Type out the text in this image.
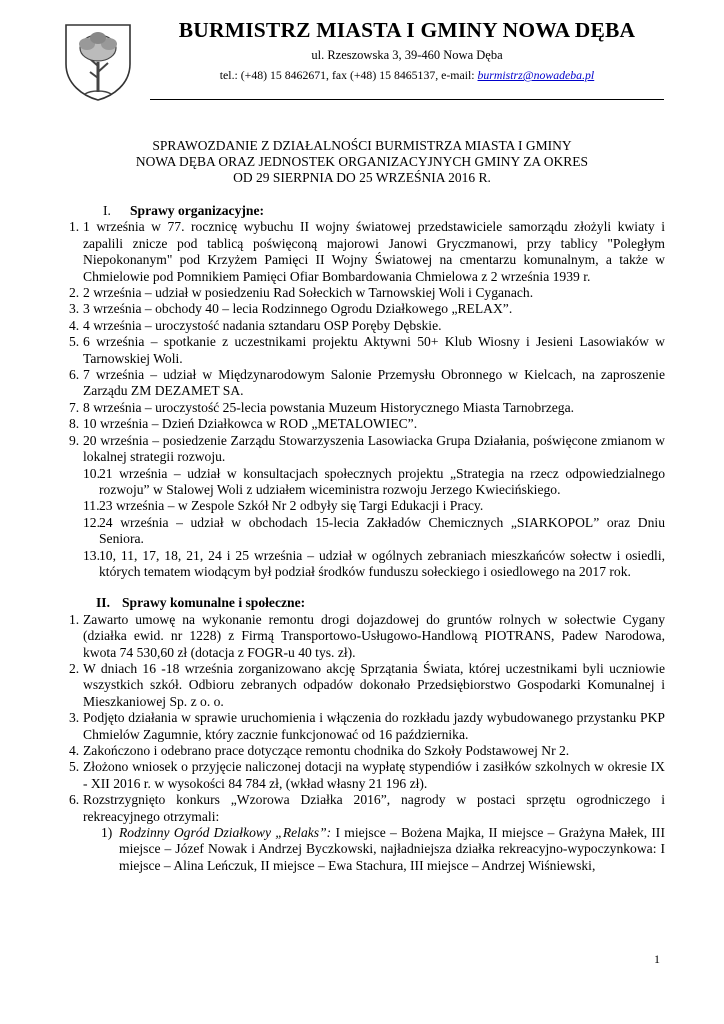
BURMISTRZ MIASTA I GMINY NOWA DĘBA
ul. Rzeszowska 3, 39-460 Nowa Dęba
tel.: (+48) 15 8462671, fax (+48) 15 8465137, e-mail: burmistrz@nowadeba.pl
SPRAWOZDANIE Z DZIAŁALNOŚCI BURMISTRZA MIASTA I GMINY
NOWA DĘBA ORAZ JEDNOSTEK ORGANIZACYJNYCH GMINY ZA OKRES
OD 29 SIERPNIA DO 25 WRZEŚNIA 2016 R.

I. Sprawy organizacyjne:

1. 1 września w 77. rocznicę wybuchu II wojny światowej przedstawiciele samorządu złożyli kwiaty i zapalili znicze pod tablicą poświęconą majorowi Janowi Gryczmanowi, przy tablicy "Poległym Niepokonanym" pod Krzyżem Pamięci II Wojny Światowej na cmentarzu komunalnym, a także w Chmielowie pod Pomnikiem Pamięci Ofiar Bombardowania Chmielowa z 2 września 1939 r.
2. 2 września – udział w posiedzeniu Rad Sołeckich w Tarnowskiej Woli i Cyganach.
3. 3 września – obchody 40 – lecia Rodzinnego Ogrodu Działkowego „RELAX”.
4. 4 września – uroczystość nadania sztandaru OSP Poręby Dębskie.
5. 6 września – spotkanie z uczestnikami projektu Aktywni 50+ Klub Wiosny i Jesieni Lasowiaków w Tarnowskiej Woli.
6. 7 września – udział w Międzynarodowym Salonie Przemysłu Obronnego w Kielcach, na zaproszenie Zarządu ZM DEZAMET SA.
7. 8 września – uroczystość 25-lecia powstania Muzeum Historycznego Miasta Tarnobrzega.
8. 10 września – Dzień Działkowca w ROD „METALOWIEC”.
9. 20 września – posiedzenie Zarządu Stowarzyszenia Lasowiacka Grupa Działania, poświęcone zmianom w lokalnej strategii rozwoju.
10. 21 września – udział w konsultacjach społecznych projektu „Strategia na rzecz odpowiedzialnego rozwoju” w Stalowej Woli z udziałem wiceministra rozwoju Jerzego Kwiecińskiego.
11. 23 września – w Zespole Szkół Nr 2 odbyły się Targi Edukacji i Pracy.
12. 24 września – udział w obchodach 15-lecia Zakładów Chemicznych „SIARKOPOL” oraz Dniu Seniora.
13. 10, 11, 17, 18, 21, 24 i 25 września – udział w ogólnych zebraniach mieszkańców sołectw i osiedli, których tematem wiodącym był podział środków funduszu sołeckiego i osiedlowego na 2017 rok.

II. Sprawy komunalne i społeczne:

1. Zawarto umowę na wykonanie remontu drogi dojazdowej do gruntów rolnych w sołectwie Cygany (działka ewid. nr 1228) z Firmą Transportowo-Usługowo-Handlową PIOTRANS, Padew Narodowa, kwota 74 530,60 zł (dotacja z FOGR-u 40 tys. zł).
2. W dniach 16 -18 września zorganizowano akcję Sprzątania Świata, której uczestnikami byli uczniowie wszystkich szkół. Odbioru zebranych odpadów dokonało Przedsiębiorstwo Gospodarki Komunalnej i Mieszkaniowej Sp. z o. o.
3. Podjęto działania w sprawie uruchomienia i włączenia do rozkładu jazdy wybudowanego przystanku PKP Chmielów Zagumnie, który zacznie funkcjonować od 16 października.
4. Zakończono i odebrano prace dotyczące remontu chodnika do Szkoły Podstawowej Nr 2.
5. Złożono wniosek o przyjęcie naliczonej dotacji na wypłatę stypendiów i zasiłków szkolnych w okresie IX - XII 2016 r. w wysokości 84 784 zł, (wkład własny 21 196 zł).
6. Rozstrzygnięto konkurs „Wzorowa Działka 2016”, nagrody w postaci sprzętu ogrodniczego i rekreacyjnego otrzymali:
1) Rodzinny Ogród Działkowy „Relaks”: I miejsce – Bożena Majka, II miejsce – Grażyna Małek, III miejsce – Józef Nowak i Andrzej Byczkowski, najładniejsza działka rekreacyjno-wypoczynkowa: I miejsce – Alina Leńczuk, II miejsce – Ewa Stachura, III miejsce – Andrzej Wiśniewski,
1
